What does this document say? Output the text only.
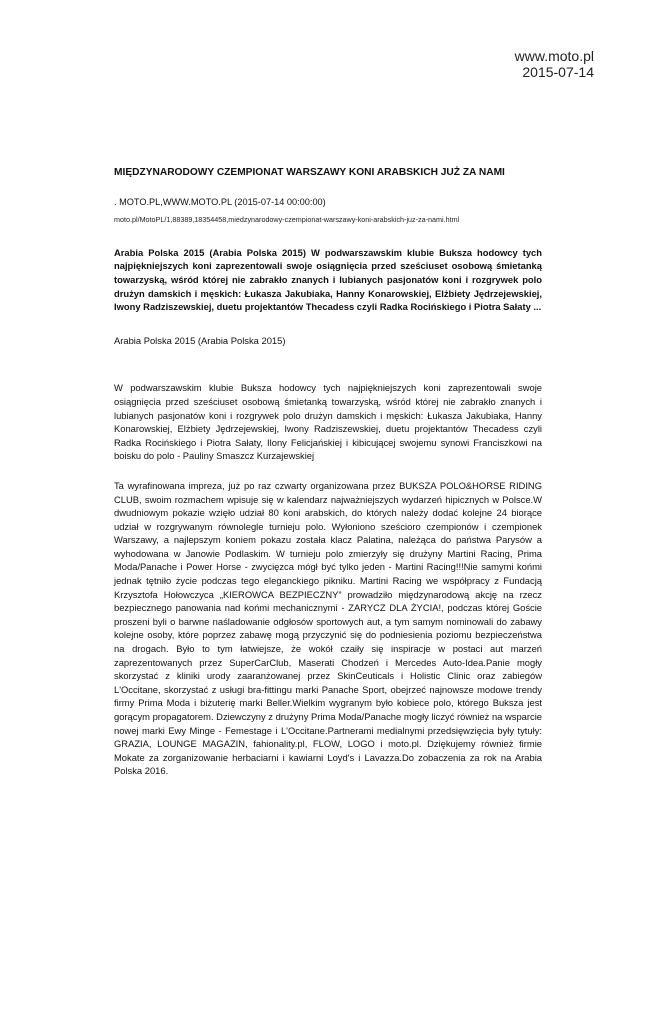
www.moto.pl
2015-07-14
MIĘDZYNARODOWY CZEMPIONAT WARSZAWY KONI ARABSKICH JUŻ ZA NAMI
. MOTO.PL,WWW.MOTO.PL (2015-07-14 00:00:00)
moto.pl/MotoPL/1,88389,18354458,miedzynarodowy-czempionat-warszawy-koni-arabskich-juz-za-nami.html
Arabia Polska 2015 (Arabia Polska 2015) W podwarszawskim klubie Buksza hodowcy tych najpiękniejszych koni zaprezentowali swoje osiągnięcia przed sześciuset osobową śmietanką towarzyską, wśród której nie zabrakło znanych i lubianych pasjonatów koni i rozgrywek polo drużyn damskich i męskich: Łukasza Jakubiaka, Hanny Konarowskiej, Elżbiety Jędrzejewskiej, Iwony Radziszewskiej, duetu projektantów Thecadess czyli Radka Rocińskiego i Piotra Sałaty ...
Arabia Polska 2015 (Arabia Polska 2015)
W podwarszawskim klubie Buksza hodowcy tych najpiękniejszych koni zaprezentowali swoje osiągnięcia przed sześciuset osobową śmietanką towarzyską, wśród której nie zabrakło znanych i lubianych pasjonatów koni i rozgrywek polo drużyn damskich i męskich: Łukasza Jakubiaka, Hanny Konarowskiej, Elżbiety Jędrzejewskiej, Iwony Radziszewskiej, duetu projektantów Thecadess czyli Radka Rocińskiego i Piotra Sałaty, Ilony Felicjańskiej i kibicującej swojemu synowi Franciszkowi na boisku do polo - Pauliny Smaszcz Kurzajewskiej
Ta wyrafinowana impreza, już po raz czwarty organizowana przez BUKSZA POLO&HORSE RIDING CLUB, swoim rozmachem wpisuje się w kalendarz najważniejszych wydarzeń hipicznych w Polsce.W dwudniowym pokazie wzięło udział 80 koni arabskich, do których należy dodać kolejne 24 biorące udział w rozgrywanym równolegle turnieju polo. Wyłoniono sześcioro czempionów i czempionek Warszawy, a najlepszym koniem pokazu została klacz Palatina, należąca do państwa Parysów a wyhodowana w Janowie Podlaskim. W turnieju polo zmierzyły się drużyny Martini Racing, Prima Moda/Panache i Power Horse - zwycięzca mógł być tylko jeden - Martini Racing!!!Nie samymi końmi jednak tętniło życie podczas tego eleganckiego pikniku. Martini Racing we współpracy z Fundacją Krzysztofa Hołowczyca „KIEROWCA BEZPIECZNY” prowadziło międzynarodową akcję na rzecz bezpiecznego panowania nad końmi mechanicznymi - ZARYCZ DLA ŻYCIA!, podczas której Goście proszeni byli o barwne naśladowanie odgłosów sportowych aut, a tym samym nominowali do zabawy kolejne osoby, które poprzez zabawę mogą przyczynić się do podniesienia poziomu bezpieczeństwa na drogach. Było to tym łatwiejsze, że wokół czaiły się inspiracje w postaci aut marzeń zaprezentowanych przez SuperCarClub, Maserati Chodzeń i Mercedes Auto-Idea.Panie mogły skorzystać z kliniki urody zaaranżowanej przez SkinCeuticals i Holistic Clinic oraz zabiegów L'Occitane, skorzystać z usługi bra-fittingu marki Panache Sport, obejrzeć najnowsze modowe trendy firmy Prima Moda i biżuterię marki Beller.Wielkim wygranym było kobiece polo, którego Buksza jest gorącym propagatorem. Dziewczyny z drużyny Prima Moda/Panache mogły liczyć również na wsparcie nowej marki Ewy Minge - Femestage i L'Occitane.Partnerami medialnymi przedsięwzięcia były tytuły: GRAZIA, LOUNGE MAGAZIN, fahionality.pl, FLOW, LOGO i moto.pl. Dziękujemy również firmie Mokate za zorganizowanie herbaciarni i kawiarni Loyd's i Lavazza.Do zobaczenia za rok na Arabia Polska 2016.
